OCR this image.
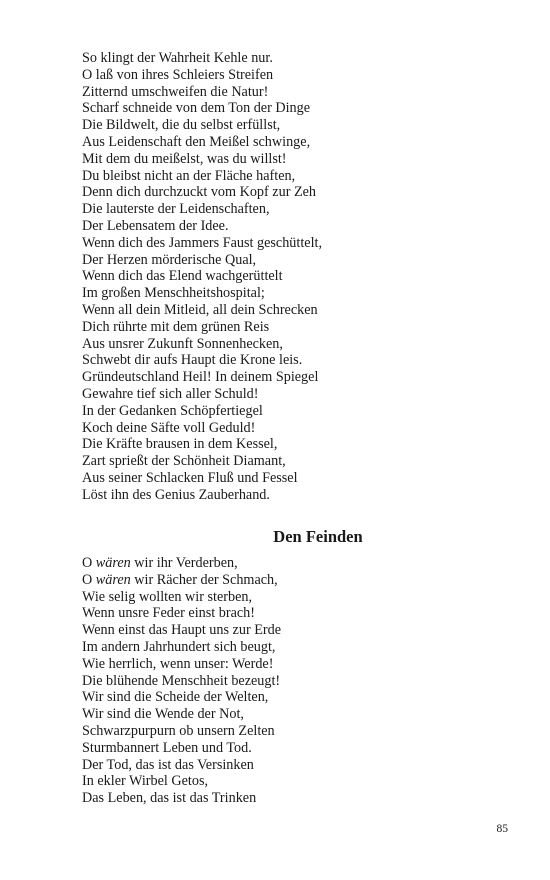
So klingt der Wahrheit Kehle nur.
O laß von ihres Schleiers Streifen
Zitternd umschweifen die Natur!
Scharf schneide von dem Ton der Dinge
Die Bildwelt, die du selbst erfüllst,
Aus Leidenschaft den Meißel schwinge,
Mit dem du meißelst, was du willst!
Du bleibst nicht an der Fläche haften,
Denn dich durchzuckt vom Kopf zur Zeh
Die lauterste der Leidenschaften,
Der Lebensatem der Idee.
Wenn dich des Jammers Faust geschüttelt,
Der Herzen mörderische Qual,
Wenn dich das Elend wachgerüttelt
Im großen Menschheitshospital;
Wenn all dein Mitleid, all dein Schrecken
Dich rührte mit dem grünen Reis
Aus unsrer Zukunft Sonnenhecken,
Schwebt dir aufs Haupt die Krone leis.
Gründeutschland Heil! In deinem Spiegel
Gewahre tief sich aller Schuld!
In der Gedanken Schöpfertiegel
Koch deine Säfte voll Geduld!
Die Kräfte brausen in dem Kessel,
Zart sprießt der Schönheit Diamant,
Aus seiner Schlacken Fluß und Fessel
Löst ihn des Genius Zauberhand.
Den Feinden
O wären wir ihr Verderben,
O wären wir Rächer der Schmach,
Wie selig wollten wir sterben,
Wenn unsre Feder einst brach!
Wenn einst das Haupt uns zur Erde
Im andern Jahrhundert sich beugt,
Wie herrlich, wenn unser: Werde!
Die blühende Menschheit bezeugt!
Wir sind die Scheide der Welten,
Wir sind die Wende der Not,
Schwarzpurpurn ob unsern Zelten
Sturmbannert Leben und Tod.
Der Tod, das ist das Versinken
In ekler Wirbel Getos,
Das Leben, das ist das Trinken
85
